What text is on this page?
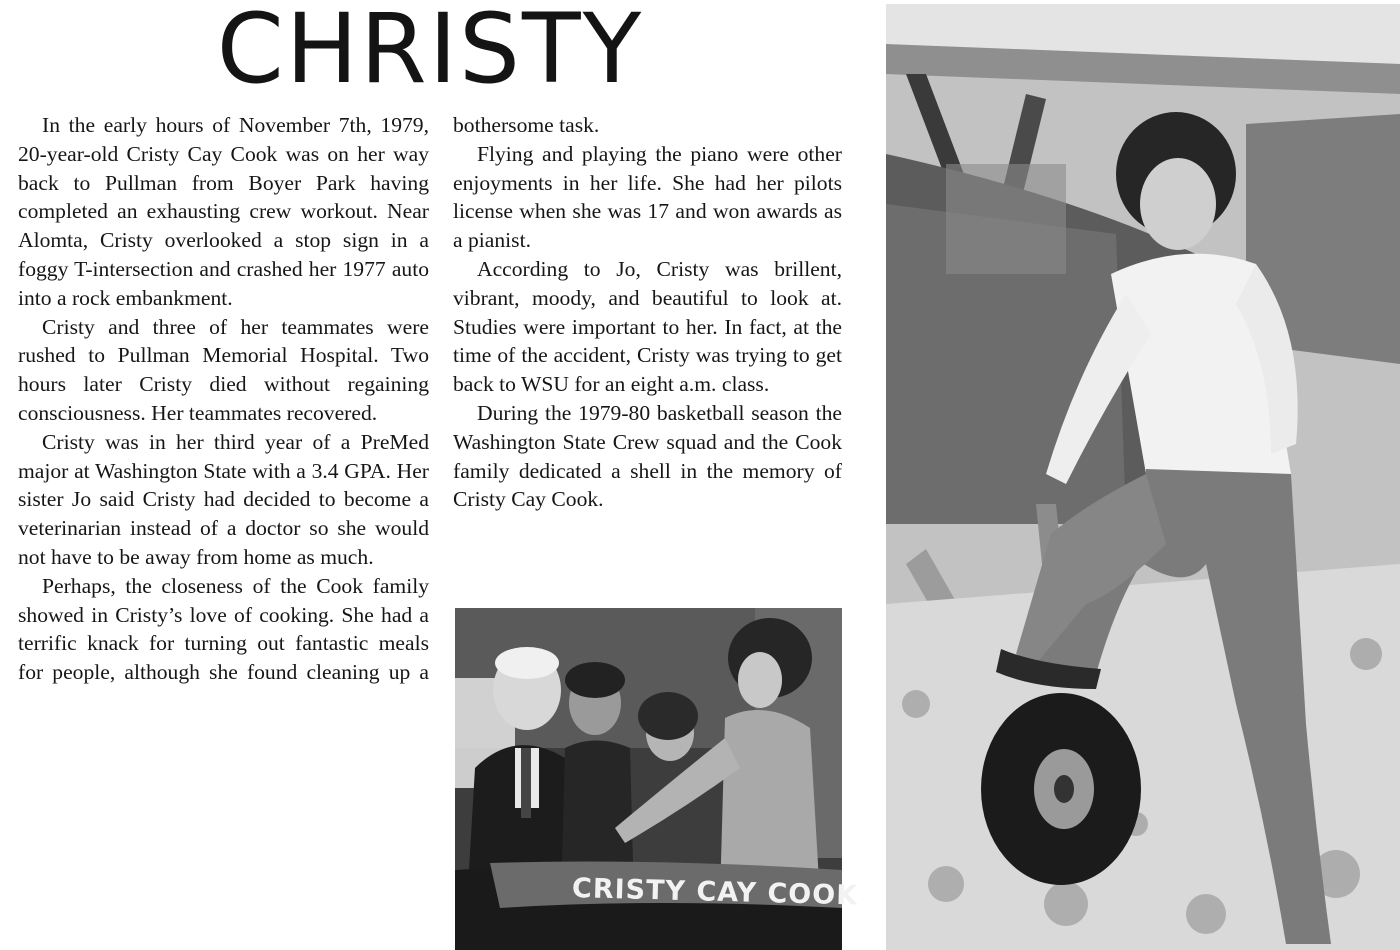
CHRISTY

In the early hours of November 7th, 1979, 20-year-old Cristy Cay Cook was on her way back to Pullman from Boyer Park having completed an exhausting crew workout. Near Alomta, Cristy overlooked a stop sign in a foggy T-intersection and crashed her 1977 auto into a rock embankment.

Cristy and three of her teammates were rushed to Pullman Memorial Hospital. Two hours later Cristy died without regaining consciousness. Her teammates recovered.

Cristy was in her third year of a PreMed major at Washington State with a 3.4 GPA. Her sister Jo said Cristy had decided to become a veterinarian instead of a doctor so she would not have to be away from home as much.

Perhaps, the closeness of the Cook family showed in Cristy’s love of cooking. She had a terrific knack for turning out fantastic meals for people, although she found cleaning up a

bothersome task.

Flying and playing the piano were other enjoyments in her life. She had her pilots license when she was 17 and won awards as a pianist.

According to Jo, Cristy was brillent, vibrant, moody, and beautiful to look at. Studies were important to her. In fact, at the time of the accident, Cristy was trying to get back to WSU for an eight a.m. class.

During the 1979-80 basketball season the Washington State Crew squad and the Cook family dedicated a shell in the memory of Cristy Cay Cook.

CRISTY CAY COOK
